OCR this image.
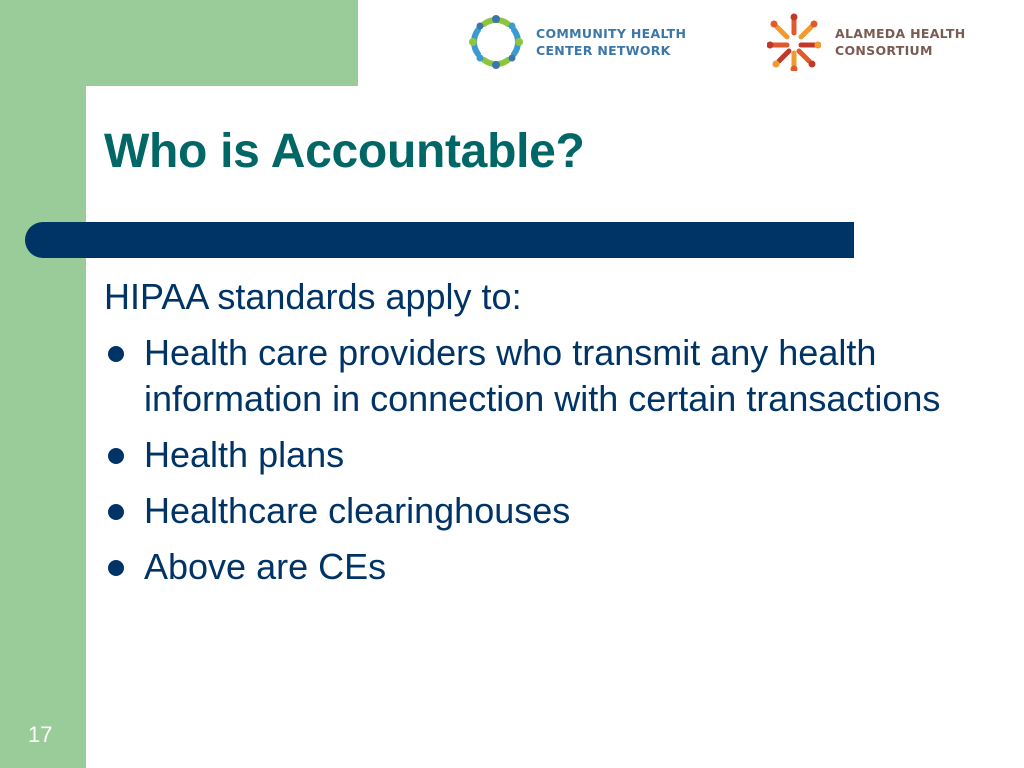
COMMUNITY HEALTH
CENTER NETWORK
ALAMEDA HEALTH
CONSORTIUM
Who is Accountable?

HIPAA standards apply to:

Health care providers who transmit any health information in connection with certain transactions
Health plans
Healthcare clearinghouses
Above are CEs

17
